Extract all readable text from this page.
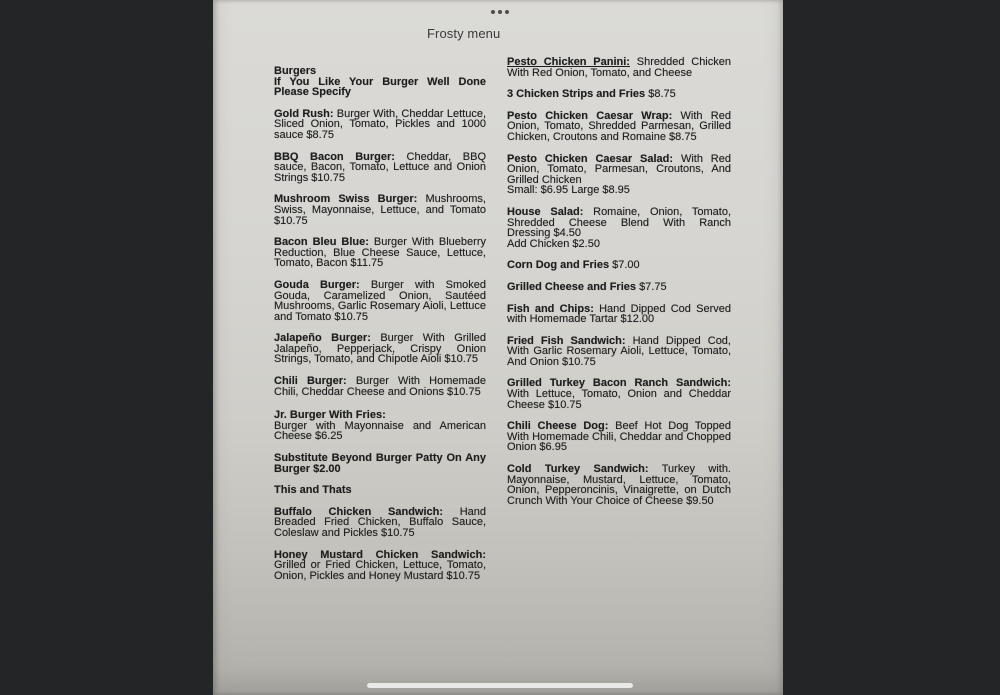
Frosty menu

Burgers

If You Like Your Burger Well Done Please Specify

Gold Rush: Burger With, Cheddar Lettuce, Sliced Onion, Tomato, Pickles and 1000 sauce $8.75

BBQ Bacon Burger: Cheddar, BBQ sauce, Bacon, Tomato, Lettuce and Onion Strings $10.75

Mushroom Swiss Burger: Mushrooms, Swiss, Mayonnaise, Lettuce, and Tomato $10.75

Bacon Bleu Blue: Burger With Blueberry Reduction, Blue Cheese Sauce, Lettuce, Tomato, Bacon $11.75

Gouda Burger: Burger with Smoked Gouda, Caramelized Onion, Sautéed Mushrooms, Garlic Rosemary Aioli, Lettuce and Tomato $10.75

Jalapeño Burger: Burger With Grilled Jalapeño, Pepperjack, Crispy Onion Strings, Tomato, and Chipotle Aioli $10.75

Chili Burger: Burger With Homemade Chili, Cheddar Cheese and Onions $10.75

Jr. Burger With Fries:
Burger with Mayonnaise and American Cheese $6.25

Substitute Beyond Burger Patty On Any Burger $2.00

This and Thats

Buffalo Chicken Sandwich: Hand Breaded Fried Chicken, Buffalo Sauce, Coleslaw and Pickles $10.75

Honey Mustard Chicken Sandwich: Grilled or Fried Chicken, Lettuce, Tomato, Onion, Pickles and Honey Mustard $10.75

Pesto Chicken Panini: Shredded Chicken With Red Onion, Tomato, and Cheese

3 Chicken Strips and Fries $8.75

Pesto Chicken Caesar Wrap: With Red Onion, Tomato, Shredded Parmesan, Grilled Chicken, Croutons and Romaine $8.75

Pesto Chicken Caesar Salad: With Red Onion, Tomato, Parmesan, Croutons, And Grilled Chicken
Small: $6.95 Large $8.95

House Salad: Romaine, Onion, Tomato, Shredded Cheese Blend With Ranch Dressing $4.50
Add Chicken $2.50

Corn Dog and Fries $7.00

Grilled Cheese and Fries $7.75

Fish and Chips: Hand Dipped Cod Served with Homemade Tartar $12.00

Fried Fish Sandwich: Hand Dipped Cod, With Garlic Rosemary Aioli, Lettuce, Tomato, And Onion $10.75

Grilled Turkey Bacon Ranch Sandwich: With Lettuce, Tomato, Onion and Cheddar Cheese $10.75

Chili Cheese Dog: Beef Hot Dog Topped With Homemade Chili, Cheddar and Chopped Onion $6.95

Cold Turkey Sandwich: Turkey with. Mayonnaise, Mustard, Lettuce, Tomato, Onion, Pepperoncinis, Vinaigrette, on Dutch Crunch With Your Choice of Cheese $9.50
